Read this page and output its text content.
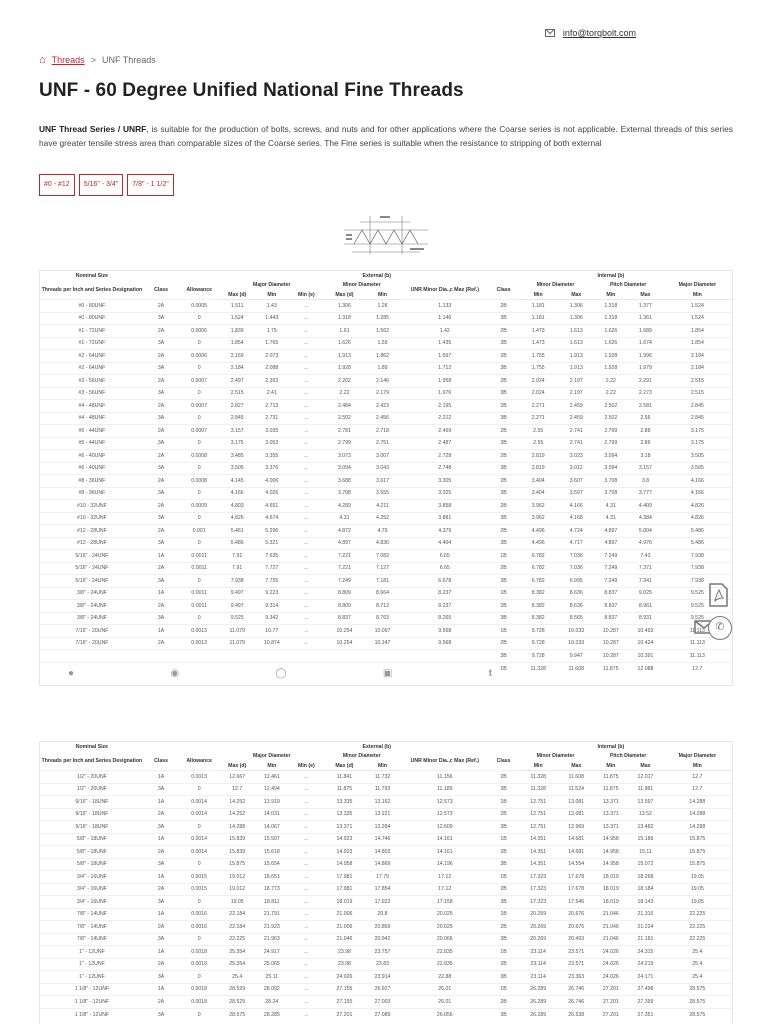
info@torqbolt.com
⌂ Threads > UNF Threads
UNF - 60 Degree Unified National Fine Threads

UNF Thread Series / UNRF, is suitable for the production of bolts, screws, and nuts and for other applications where the Coarse series is not applicable. External threads of this series have greater tensile stress area than comparable sizes of the Coarse series. The Fine series is suitable when the resistance to stripping of both external

#0 - #12	5/16" - 3/4"	7/8" - 1 1/2"
Nominal Size	External (b)								Internal (b)					
Threads per Inch and Series Designation	Class	Allowance	Major Diameter			Minor Diameter		UNR Minor Dia.,c Max (Ref.)	Class	Minor Diameter		Pitch Diameter		Major Diameter
			Max (d)	Min	Min (e)	Max (d)	Min			Min	Max	Min	Max	Min
#0 - 80UNF	2A	0.0005	1.511	1.43	...	1.306	1.26	1.133	2B	1.181	1.306	1.318	1.377	1.524
#0 - 80UNF	3A	0	1.524	1.443	...	1.318	1.285	1.146	3B	1.181	1.306	1.318	1.361	1.524
#1 - 72UNF	2A	0.0006	1.839	1.75	...	1.61	1.562	1.42	2B	1.473	1.613	1.626	1.689	1.854
#1 - 72UNF	3A	0	1.854	1.765	...	1.626	1.59	1.435	3B	1.473	1.613	1.626	1.674	1.854
#2 - 64UNF	2A	0.0006	2.169	2.073	...	1.913	1.862	1.697	2B	1.755	1.913	1.928	1.996	2.184
#2 - 64UNF	3A	0	2.184	2.088	...	1.928	1.89	1.712	3B	1.755	1.913	1.928	1.979	2.184
#3 - 56UNF	2A	0.0007	2.497	2.393	...	2.202	2.146	1.958	2B	2.024	2.197	2.22	2.291	2.515
#3 - 56UNF	3A	0	2.515	2.41	...	2.22	2.179	1.976	3B	2.024	2.197	2.22	2.273	2.515
#4 - 48UNF	2A	0.0007	2.827	2.713	...	2.484	2.423	2.195	2B	2.271	2.459	2.502	2.581	2.845
#4 - 48UNF	3A	0	2.845	2.731	...	2.502	2.456	2.212	3B	2.271	2.459	2.502	2.56	2.845
#5 - 44UNF	2A	0.0007	3.157	3.035	...	2.781	2.718	2.469	2B	2.55	2.741	2.799	2.88	3.175
#5 - 44UNF	3A	0	3.175	3.053	...	2.799	2.751	2.487	3B	2.55	2.741	2.799	2.86	3.175
#6 - 40UNF	2A	0.0008	3.485	3.355	...	3.073	3.007	2.728	2B	2.819	3.023	3.094	3.18	3.505
#6 - 40UNF	3A	0	3.505	3.376	...	3.094	3.043	2.748	3B	2.819	3.012	3.094	3.157	3.505
#8 - 36UNF	2A	0.0008	4.145	4.006	...	3.688	3.617	3.305	2B	3.404	3.607	3.708	3.8	4.166
#8 - 36UNF	3A	0	4.166	4.026	...	3.708	3.655	3.325	3B	3.404	3.597	3.708	3.777	4.166
#10 - 32UNF	2A	0.0009	4.803	4.651	...	4.289	4.211	3.858	2B	3.962	4.166	4.31	4.409	4.826
#10 - 32UNF	3A	0	4.826	4.674	...	4.31	4.252	3.881	3B	3.962	4.168	4.31	4.384	4.826
#12 - 28UNF	2A	0.001	5.461	5.296	...	4.872	4.79	4.379	2B	4.496	4.724	4.897	5.004	5.486
#12 - 28UNF	3A	0	5.486	5.321	...	4.897	4.836	4.404	3B	4.496	4.717	4.897	4.976	5.486
5/16" - 24UNF	1A	0.0011	7.91	7.635	...	7.221	7.082	6.65	1B	6.782	7.036	7.249	7.43	7.938
5/16" - 24UNF	2A	0.0011	7.91	7.727	...	7.221	7.127	6.65	2B	6.782	7.036	7.249	7.371	7.938
5/16" - 24UNF	3A	0	7.938	7.755	...	7.249	7.181	6.678	3B	6.782	6.995	7.249	7.341	7.938
3/8" - 24UNF	1A	0.0011	9.497	9.223	...	8.809	8.664	8.237	1B	8.382	8.636	8.837	9.025	9.525
3/8" - 24UNF	2A	0.0011	9.497	9.314	...	8.809	8.712	8.237	2B	8.382	8.636	8.837	8.961	9.525
3/8" - 24UNF	3A	0	9.525	9.342	...	8.837	8.763	8.265	3B	8.382	8.565	8.837	8.931	9.525
7/16" - 20UNF	1A	0.0013	11.079	10.77	...	10.254	10.097	9.568	1B	9.728	10.033	10.287	10.493	11.113
7/16" - 20UNF	2A	0.0013	11.079	10.874	...	10.254	10.147	9.568	2B	9.728	10.033	10.287	10.424	11.113
									3B	9.728	9.947	10.287	10.391	11.113
									1B	11.328	11.608	11.875	12.088	12.7
●	◉	◯	▣	t
✆
Nominal Size	External (b)								Internal (b)					
Threads per Inch and Series Designation	Class	Allowance	Major Diameter			Minor Diameter		UNR Minor Dia.,c Max (Ref.)	Class	Minor Diameter		Pitch Diameter		Major Diameter
			Max (d)	Min	Min (e)	Max (d)	Min			Min	Max	Min	Max	Min
1/2" - 20UNF	1A	0.0013	12.667	12.461	...	11.841	11.732	11.156	2B	11.328	11.608	11.875	12.017	12.7
1/2" - 20UNF	3A	0	12.7	12.494	...	11.875	11.793	11.189	3B	11.328	11.524	11.875	11.981	12.7
9/16" - 18UNF	1A	0.0014	14.252	13.919	...	13.335	13.162	12.573	1B	12.751	13.081	13.371	13.597	14.288
9/16" - 18UNF	2A	0.0014	14.252	14.031	...	13.335	13.221	12.573	2B	12.751	13.081	13.371	13.52	14.288
9/16" - 18UNF	3A	0	14.288	14.067	...	13.371	13.284	12.609	3B	12.751	12.969	13.371	13.482	14.288
5/8" - 18UNF	1A	0.0014	15.839	15.507	...	14.923	14.746	14.161	1B	14.351	14.681	14.958	15.189	15.875
5/8" - 18UNF	2A	0.0014	15.839	15.618	...	14.923	14.803	14.161	2B	14.351	14.681	14.958	15.11	15.875
5/8" - 18UNF	3A	0	15.875	15.654	...	14.958	14.869	14.196	3B	14.351	14.554	14.958	15.072	15.875
3/4" - 16UNF	1A	0.0015	19.012	18.651	...	17.981	17.79	17.12	1B	17.323	17.678	18.019	18.268	19.05
3/4" - 16UNF	2A	0.0015	19.012	18.773	...	17.981	17.854	17.12	2B	17.323	17.678	18.019	18.184	19.05
3/4" - 16UNF	3A	0	19.05	18.811	...	18.019	17.922	17.158	3B	17.323	17.546	18.019	18.143	19.05
7/8" - 14UNF	1A	0.0016	22.184	21.791	...	21.006	20.8	20.025	1B	20.269	20.676	21.046	21.316	22.225
7/8" - 14UNF	2A	0.0016	22.184	21.923	...	21.006	20.869	20.025	2B	20.269	20.676	21.046	21.224	22.225
7/8" - 14UNF	3A	0	22.225	21.963	...	21.046	20.942	20.066	3B	20.269	20.493	21.046	21.181	22.225
1" - 12UNF	1A	0.0018	25.354	24.917	...	23.98	23.757	22.835	1B	23.114	23.571	24.026	24.315	25.4
1" - 12UNF	2A	0.0018	25.354	25.065	...	23.98	23.83	22.835	2B	23.114	23.571	24.026	24.219	25.4
1" - 12UNF	3A	0	25.4	25.11	...	24.026	23.914	22.88	3B	23.114	23.363	24.026	24.171	25.4
1 1/8" - 12UNF	1A	0.0018	28.529	28.092	...	27.155	26.927	26.01	1B	26.289	26.746	27.201	27.498	28.575
1 1/8" - 12UNF	2A	0.0018	28.529	28.24	...	27.155	27.003	26.01	2B	26.289	26.746	27.201	27.399	28.575
1 1/8" - 12UNF	3A	0	28.575	28.285	...	27.201	27.089	26.056	3B	26.289	26.538	27.201	27.351	28.575
